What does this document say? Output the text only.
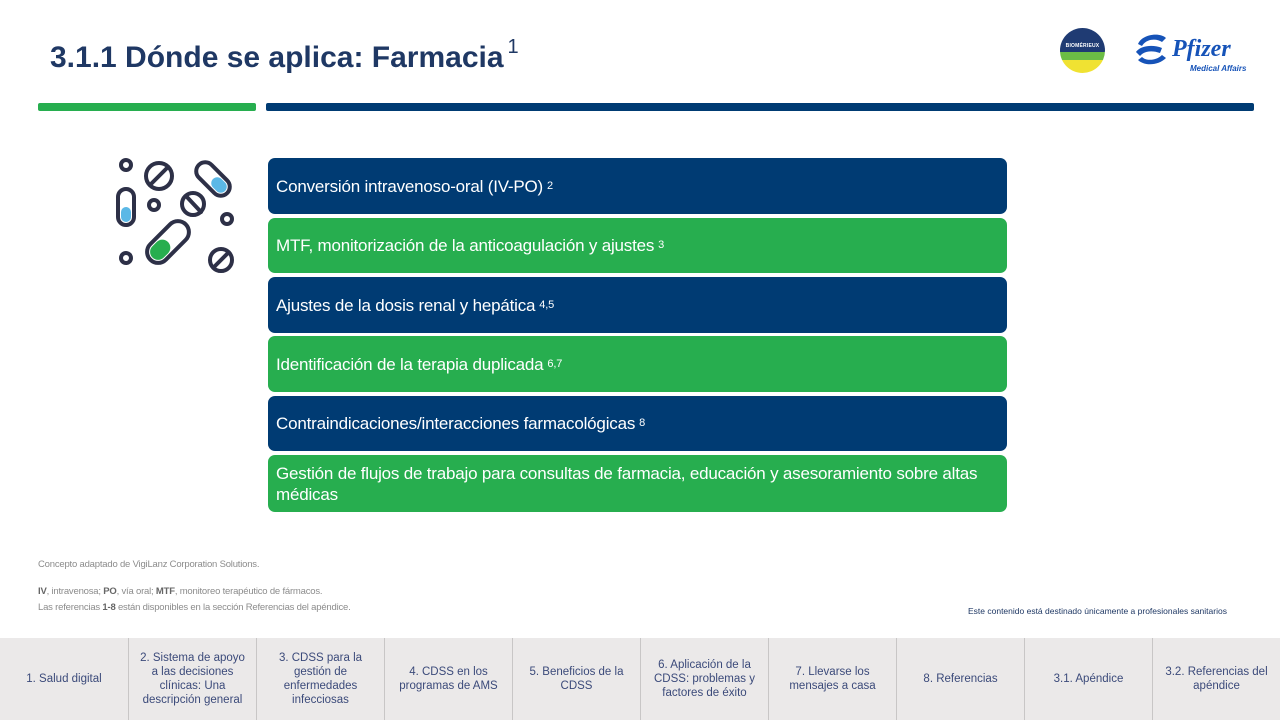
3.1.1 Dónde se aplica: Farmacia $^1$	BIOMÉRIEUX	Pfizer
Medical Affairs
Conversión intravenoso-oral (IV-PO) 2
MTF, monitorización de la anticoagulación y ajustes 3
Ajustes de la dosis renal y hepática 4,5
Identificación de la terapia duplicada 6,7
Contraindicaciones/interacciones farmacológicas 8
Gestión de flujos de trabajo para consultas de farmacia, educación y asesoramiento sobre altas médicas
Concepto adaptado de VigiLanz Corporation Solutions.
IV, intravenosa; PO, vía oral; MTF, monitoreo terapéutico de fármacos.
Las referencias 1-8 están disponibles en la sección Referencias del apéndice.	Este contenido está destinado únicamente a profesionales sanitarios
1. Salud digital
2. Sistema de apoyo a las decisiones clínicas: Una descripción general
3. CDSS para la gestión de enfermedades infecciosas
4. CDSS en los programas de AMS
5. Beneficios de la CDSS
6. Aplicación de la CDSS: problemas y factores de éxito
7. Llevarse los mensajes a casa
8. Referencias	3.1. Apéndice
3.2. Referencias del apéndice
